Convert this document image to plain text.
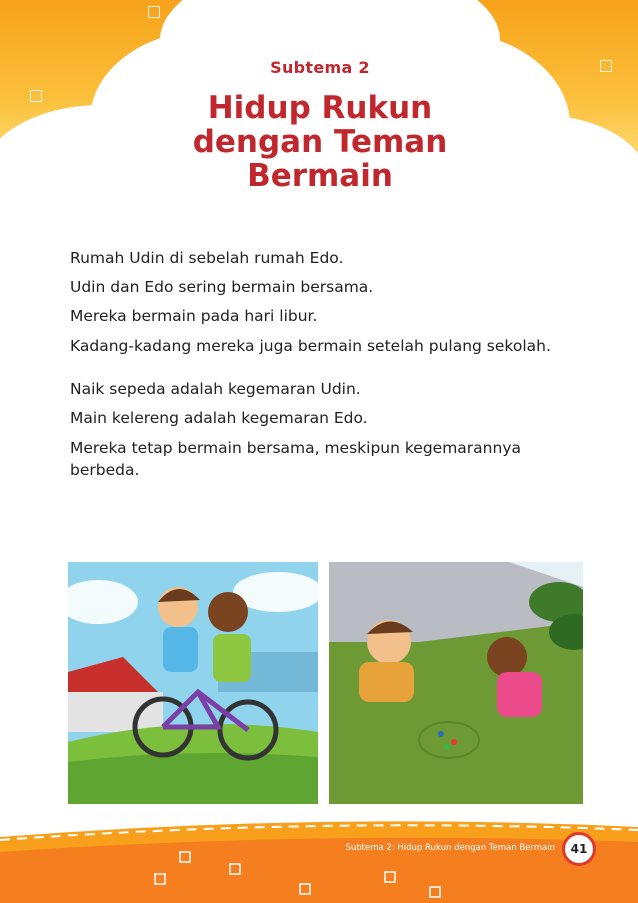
Subtema 2
Hidup Rukun
dengan Teman
Bermain

Rumah Udin di sebelah rumah Edo.

Udin dan Edo sering bermain bersama.

Mereka bermain pada hari libur.

Kadang-kadang mereka juga bermain setelah pulang sekolah.

Naik sepeda adalah kegemaran Udin.

Main kelereng adalah kegemaran Edo.

Mereka tetap bermain bersama, meskipun kegemarannya berbeda.

Subtema 2: Hidup Rukun dengan Teman Bermain	41
